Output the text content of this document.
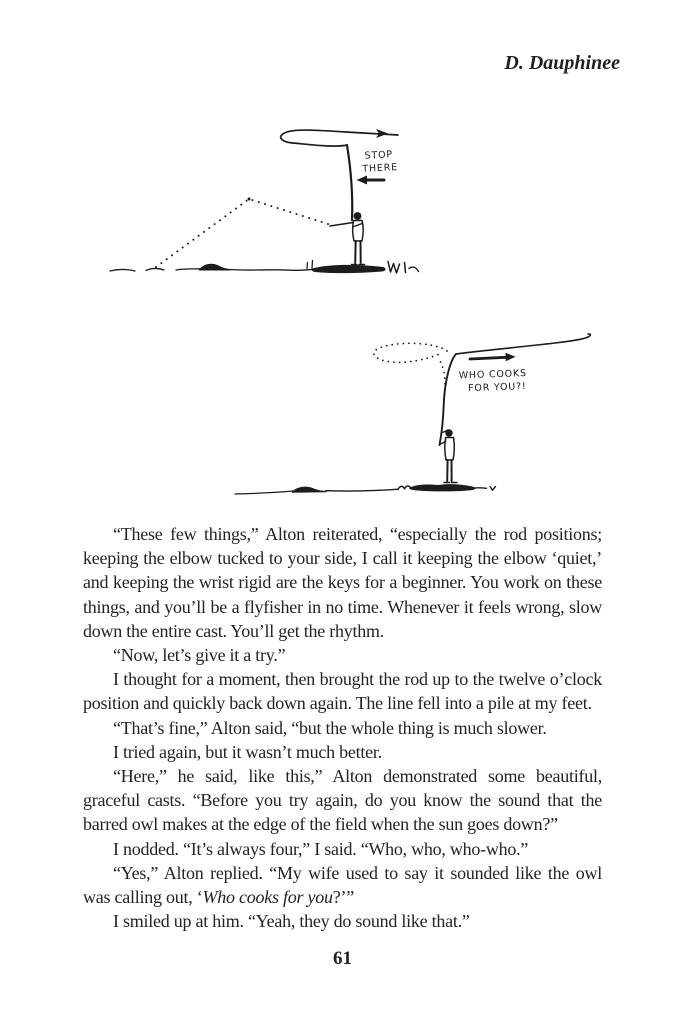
D. Dauphinee
STOP
THERE
WHO COOKS
FOR YOU?!

“These few things,” Alton reiterated, “especially the rod positions; keeping the elbow tucked to your side, I call it keeping the elbow ‘quiet,’ and keeping the wrist rigid are the keys for a beginner. You work on these things, and you’ll be a flyfisher in no time. Whenever it feels wrong, slow down the entire cast. You’ll get the rhythm.

“Now, let’s give it a try.”

I thought for a moment, then brought the rod up to the twelve o’clock position and quickly back down again. The line fell into a pile at my feet.

“That’s fine,” Alton said, “but the whole thing is much slower.

I tried again, but it wasn’t much better.

“Here,” he said, like this,” Alton demonstrated some beautiful, graceful casts. “Before you try again, do you know the sound that the barred owl makes at the edge of the field when the sun goes down?”

I nodded. “It’s always four,” I said. “Who, who, who-who.”

“Yes,” Alton replied. “My wife used to say it sounded like the owl was calling out, ‘Who cooks for you?’”

I smiled up at him. “Yeah, they do sound like that.”

61
